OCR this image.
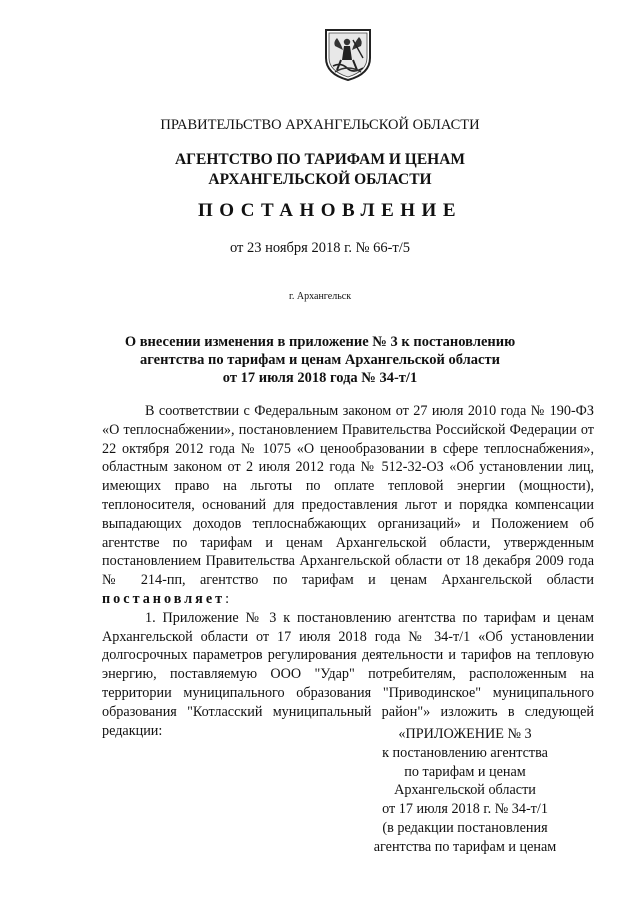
ПРАВИТЕЛЬСТВО АРХАНГЕЛЬСКОЙ ОБЛАСТИ
АГЕНТСТВО ПО ТАРИФАМ И ЦЕНАМ
АРХАНГЕЛЬСКОЙ ОБЛАСТИ
ПОСТАНОВЛЕНИЕ
от 23 ноября 2018 г. № 66-т/5
г. Архангельск
О внесении изменения в приложение № 3 к постановлению
агентства по тарифам и ценам Архангельской области
от 17 июля 2018 года № 34-т/1

В соответствии с Федеральным законом от 27 июля 2010 года № 190-ФЗ «О теплоснабжении», постановлением Правительства Российской Федерации от 22 октября 2012 года № 1075 «О ценообразовании в сфере теплоснабжения», областным законом от 2 июля 2012 года № 512-32-ОЗ «Об установлении лиц, имеющих право на льготы по оплате тепловой энергии (мощности), теплоносителя, оснований для предоставления льгот и порядка компенсации выпадающих доходов теплоснабжающих организаций» и Положением об агентстве по тарифам и ценам Архангельской области, утвержденным постановлением Правительства Архангельской области от 18 декабря 2009 года № 214-пп, агентство по тарифам и ценам Архангельской области постановляет:

1. Приложение № 3 к постановлению агентства по тарифам и ценам Архангельской области от 17 июля 2018 года № 34-т/1 «Об установлении долгосрочных параметров регулирования деятельности и тарифов на тепловую энергию, поставляемую ООО "Удар" потребителям, расположенным на территории муниципального образования "Приводинское" муниципального образования "Котласский муниципальный район"» изложить в следующей редакции:	«ПРИЛОЖЕНИЕ № 3
к постановлению агентства
по тарифам и ценам
Архангельской области
от 17 июля 2018 г. № 34-т/1
(в редакции постановления
агентства по тарифам и ценам
